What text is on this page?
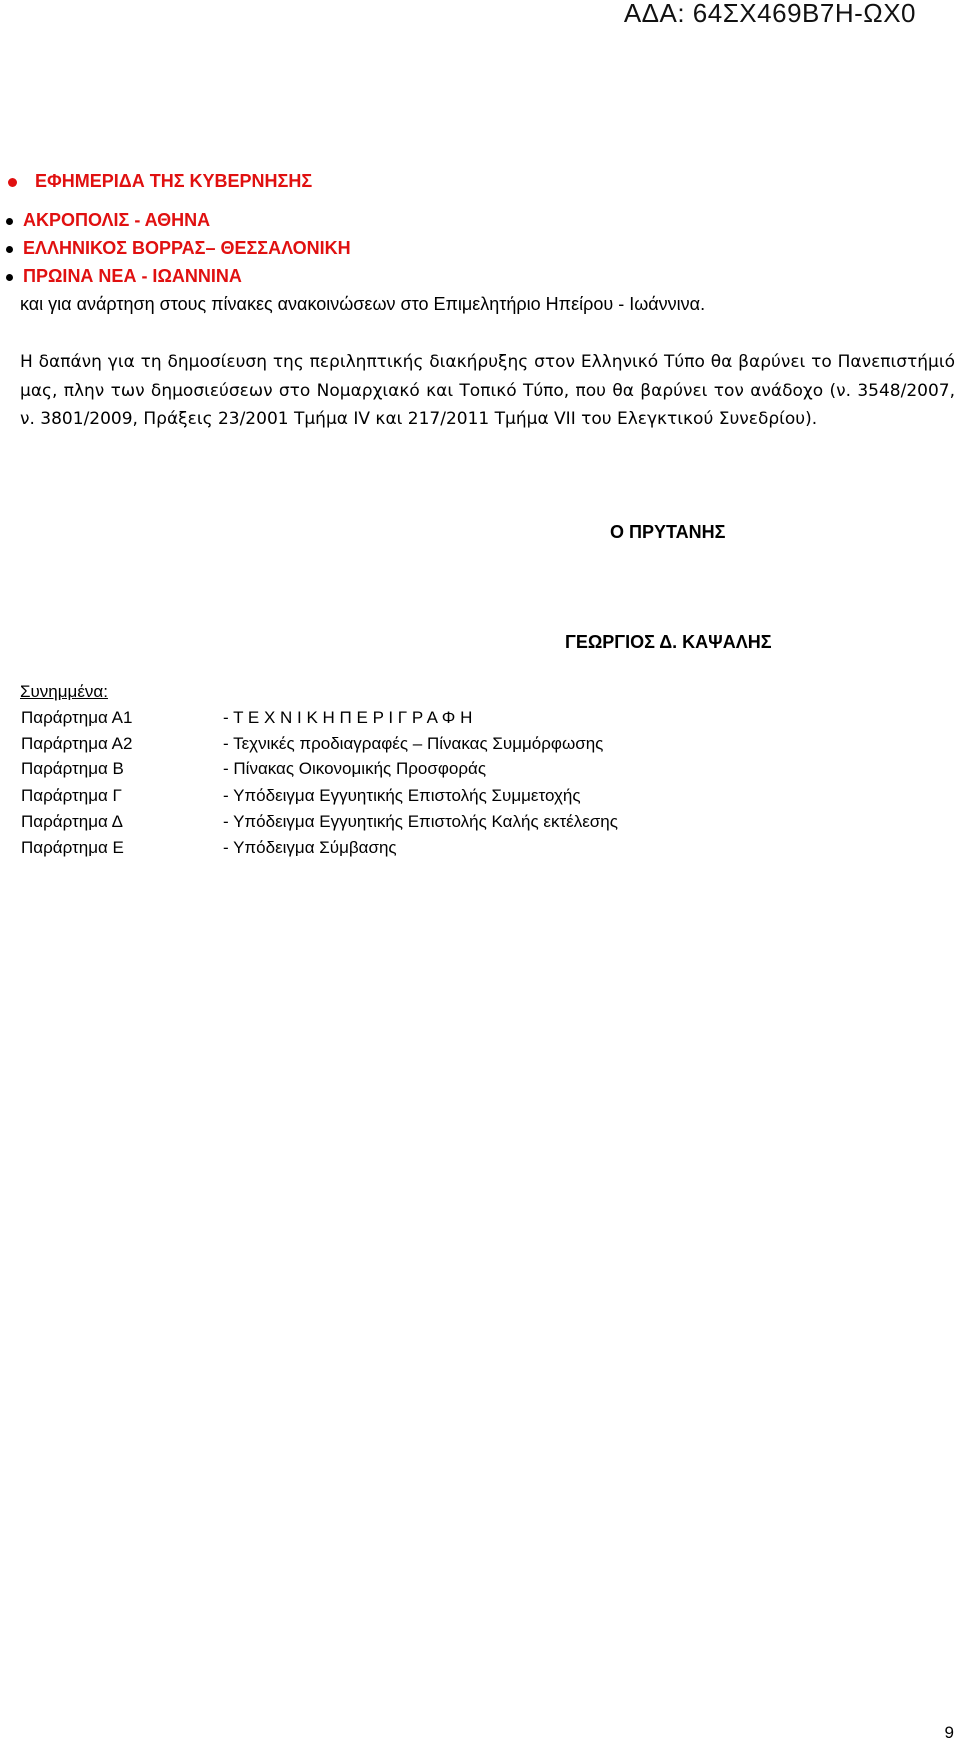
ΑΔΑ: 64ΣΧ469Β7Η-ΩΧ0
ΕΦΗΜΕΡΙΔΑ ΤΗΣ ΚΥΒΕΡΝΗΣΗΣ
ΑΚΡΟΠΟΛΙΣ - ΑΘΗΝΑ
ΕΛΛΗΝΙΚΟΣ ΒΟΡΡΑΣ– ΘΕΣΣΑΛΟΝΙΚΗ
ΠΡΩΙΝΑ ΝΕΑ - ΙΩΑΝΝΙΝΑ
και για ανάρτηση στους πίνακες ανακοινώσεων στο Επιμελητήριο Ηπείρου - Ιωάννινα.
Η δαπάνη για τη δημοσίευση της περιληπτικής διακήρυξης στον Ελληνικό Τύπο θα βαρύνει το Πανεπιστήμιό μας, πλην των δημοσιεύσεων στο Νομαρχιακό και Τοπικό Τύπο, που θα βαρύνει τον ανάδοχο (ν. 3548/2007, ν. 3801/2009, Πράξεις 23/2001 Τμήμα IV και 217/2011 Τμήμα VII του Ελεγκτικού Συνεδρίου).
Ο ΠΡΥΤΑΝΗΣ
ΓΕΩΡΓΙΟΣ Δ. ΚΑΨΑΛΗΣ
Συνημμένα:
Παράρτημα Α1	- Τ Ε Χ Ν Ι Κ Η Π Ε Ρ Ι Γ Ρ Α Φ Η
Παράρτημα Α2	- Τεχνικές προδιαγραφές – Πίνακας Συμμόρφωσης
Παράρτημα Β	- Πίνακας Οικονομικής Προσφοράς
Παράρτημα Γ	- Υπόδειγμα Εγγυητικής Επιστολής Συμμετοχής
Παράρτημα Δ	- Υπόδειγμα Εγγυητικής Επιστολής Καλής εκτέλεσης
Παράρτημα Ε	- Υπόδειγμα Σύμβασης
9
